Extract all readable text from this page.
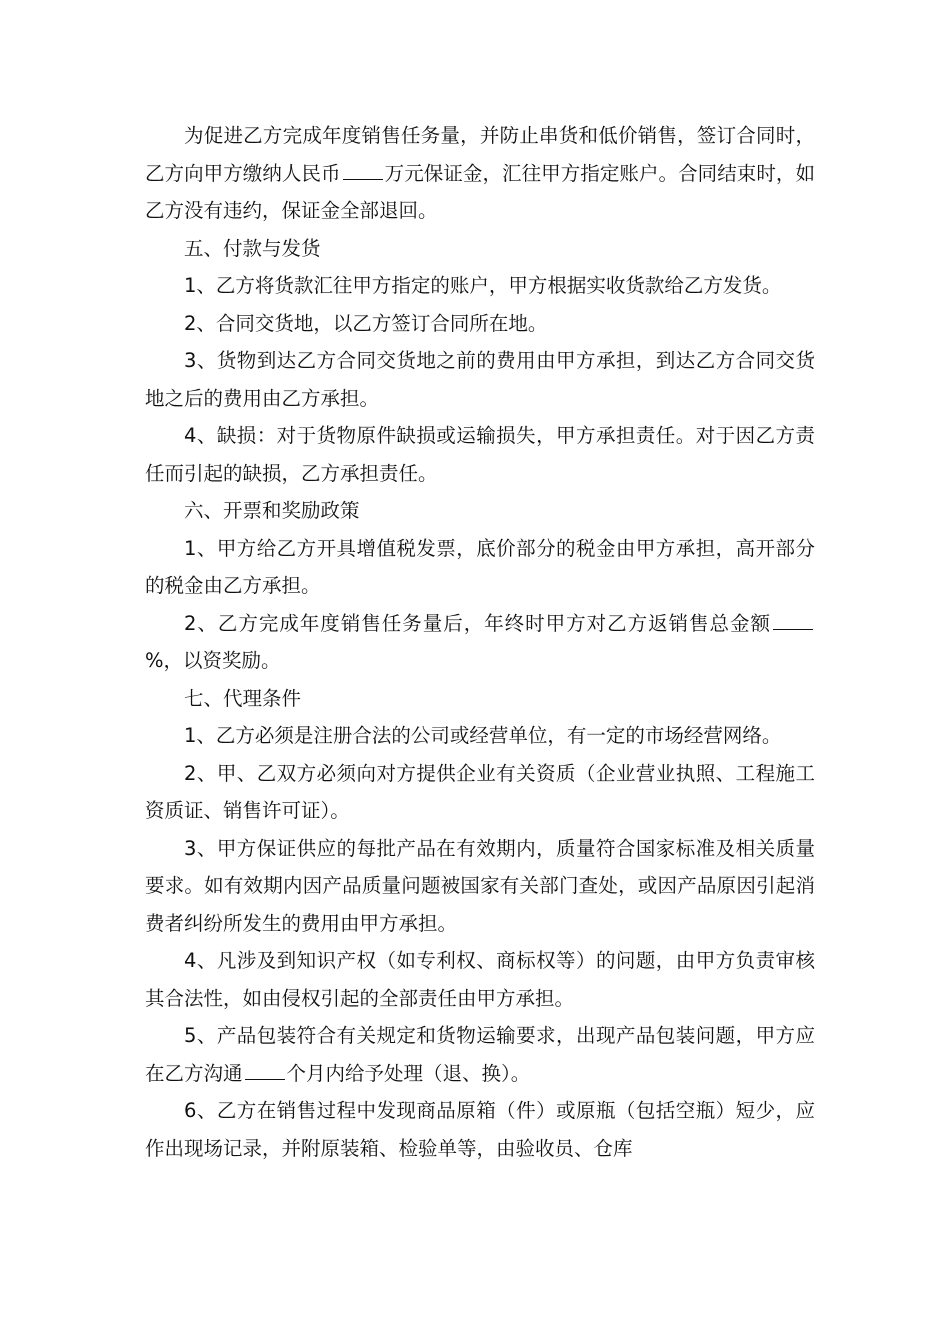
为促进乙方完成年度销售任务量，并防止串货和低价销售，签订合同时，乙方向甲方缴纳人民币 万元保证金，汇往甲方指定账户。合同结束时，如乙方没有违约，保证金全部退回。

五、付款与发货

1、乙方将货款汇往甲方指定的账户，甲方根据实收货款给乙方发货。

2、合同交货地，以乙方签订合同所在地。

3、货物到达乙方合同交货地之前的费用由甲方承担，到达乙方合同交货地之后的费用由乙方承担。

4、缺损：对于货物原件缺损或运输损失，甲方承担责任。对于因乙方责任而引起的缺损，乙方承担责任。

六、开票和奖励政策

1、甲方给乙方开具增值税发票，底价部分的税金由甲方承担，高开部分的税金由乙方承担。

2、乙方完成年度销售任务量后，年终时甲方对乙方返销售总金额%，以资奖励。

七、代理条件

1、乙方必须是注册合法的公司或经营单位，有一定的市场经营网络。

2、甲、乙双方必须向对方提供企业有关资质（企业营业执照、工程施工资质证、销售许可证）。

3、甲方保证供应的每批产品在有效期内，质量符合国家标准及相关质量要求。如有效期内因产品质量问题被国家有关部门查处，或因产品原因引起消费者纠纷所发生的费用由甲方承担。

4、凡涉及到知识产权（如专利权、商标权等）的问题，由甲方负责审核其合法性，如由侵权引起的全部责任由甲方承担。

5、产品包装符合有关规定和货物运输要求，出现产品包装问题，甲方应在乙方沟通 个月内给予处理（退、换）。

6、乙方在销售过程中发现商品原箱（件）或原瓶（包括空瓶）短少，应作出现场记录，并附原装箱、检验单等，由验收员、仓库
